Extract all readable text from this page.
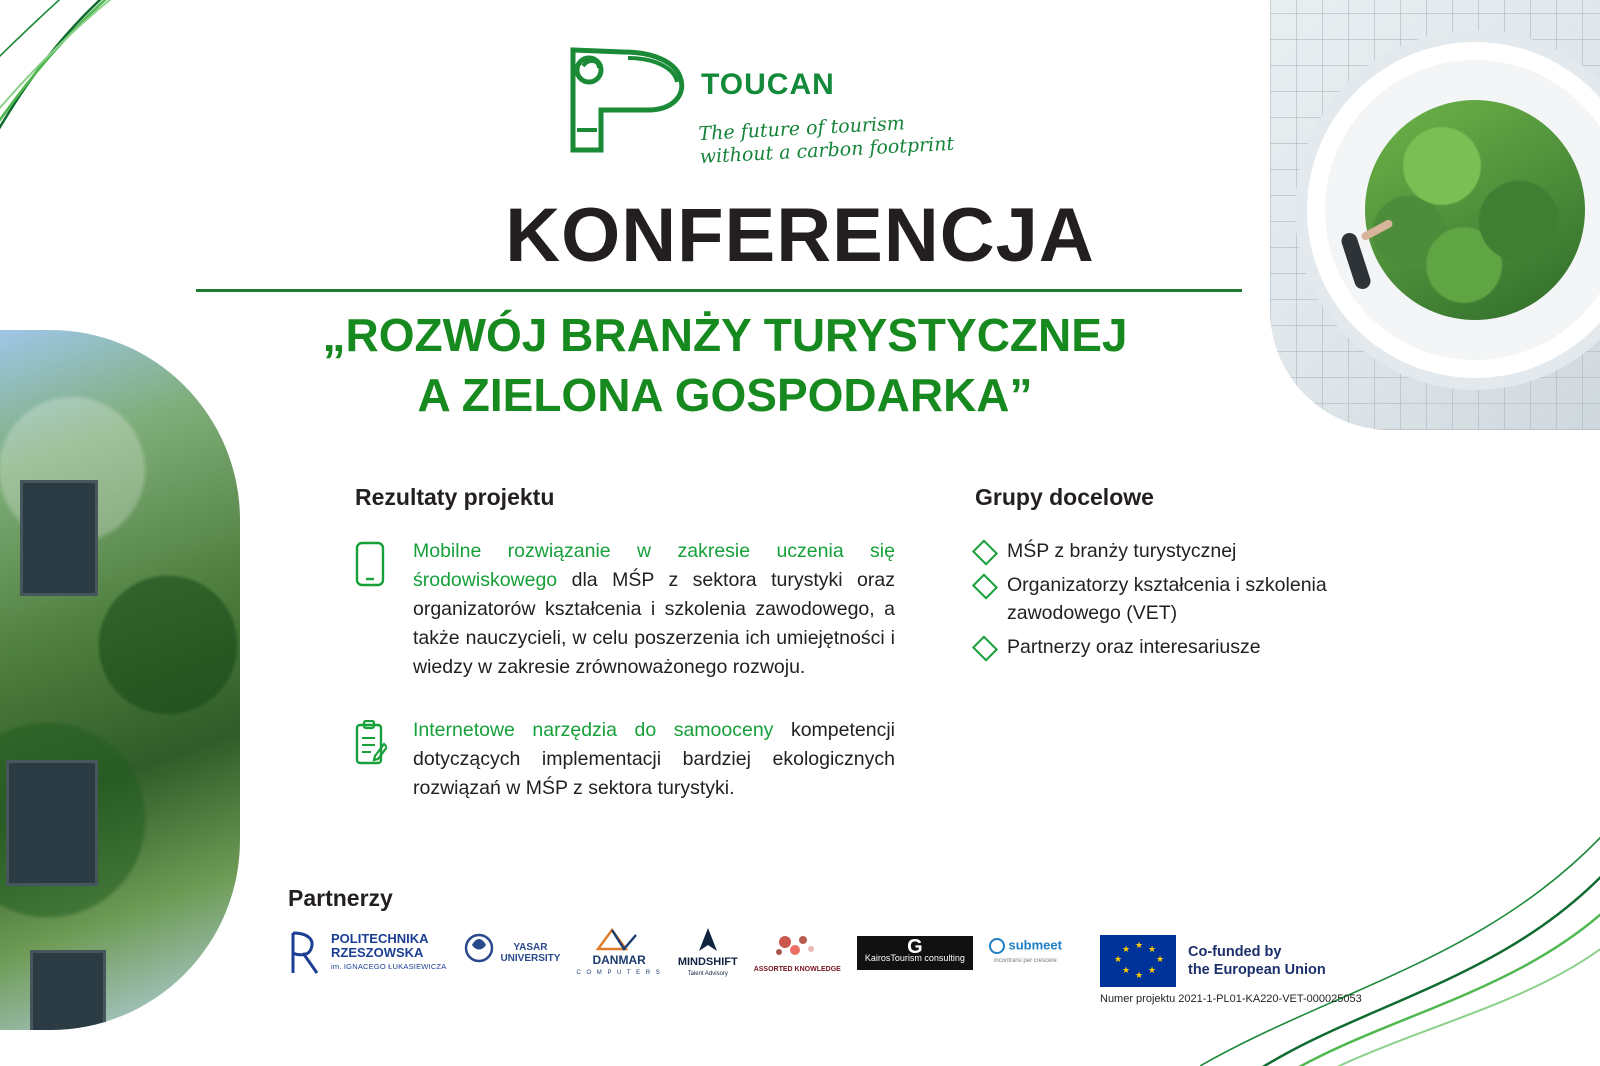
TOUCAN
The future of tourism without a carbon footprint
KONFERENCJA
„ROZWÓJ BRANŻY TURYSTYCZNEJ
A ZIELONA GOSPODARKA”
Rezultaty projektu
Mobilne rozwiązanie w zakresie uczenia się środowiskowego dla MŚP z sektora turystyki oraz organizatorów kształcenia i szkolenia zawodowego, a także nauczycieli, w celu poszerzenia ich umiejętności i wiedzy w zakresie zrównoważonego rozwoju.
Internetowe narzędzia do samooceny kompetencji dotyczących implementacji bardziej ekologicznych rozwiązań w MŚP z sektora turystyki.
Grupy docelowe
MŚP z branży turystycznej
Organizatorzy kształcenia i szkolenia zawodowego (VET)
Partnerzy oraz interesariusze
Partnerzy
POLITECHNIKA
RZESZOWSKA
im. IGNACEGO ŁUKASIEWICZA
YASAR
UNIVERSITY	DANMAR
C O M P U T E R S
MINDSHIFT
Talent Advisory
ASSORTED KNOWLEDGE
G
KairosTourism consulting
submeet
incontrarsi per crescere
★ ★
★
★
★
★
★
★	Co-funded by
the European Union
Numer projektu 2021-1-PL01-KA220-VET-000025053
